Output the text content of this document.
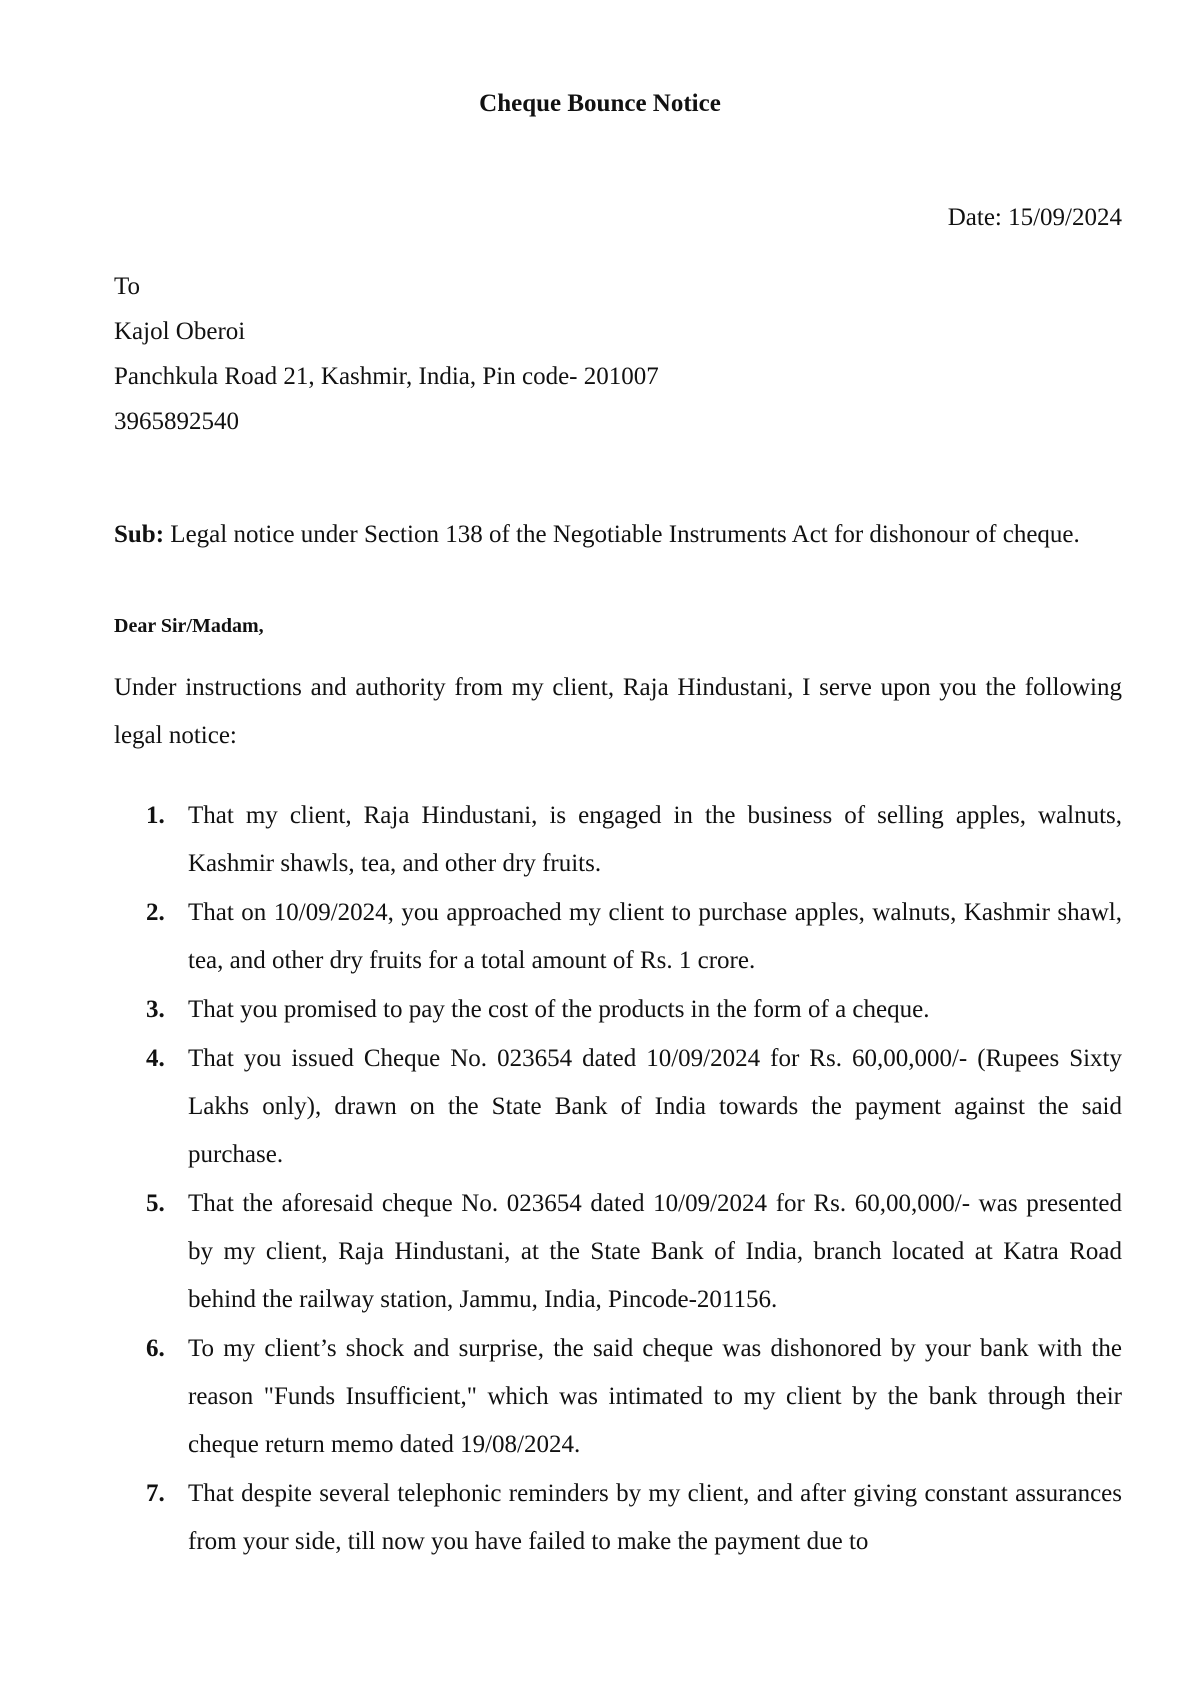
Cheque Bounce Notice
Date: 15/09/2024
To
Kajol Oberoi
Panchkula Road 21, Kashmir, India, Pin code- 201007
3965892540
Sub: Legal notice under Section 138 of the Negotiable Instruments Act for dishonour of cheque.
Dear Sir/Madam,
Under instructions and authority from my client, Raja Hindustani, I serve upon you the following legal notice:
1. That my client, Raja Hindustani, is engaged in the business of selling apples, walnuts, Kashmir shawls, tea, and other dry fruits.
2. That on 10/09/2024, you approached my client to purchase apples, walnuts, Kashmir shawl, tea, and other dry fruits for a total amount of Rs. 1 crore.
3. That you promised to pay the cost of the products in the form of a cheque.
4. That you issued Cheque No. 023654 dated 10/09/2024 for Rs. 60,00,000/- (Rupees Sixty Lakhs only), drawn on the State Bank of India towards the payment against the said purchase.
5. That the aforesaid cheque No. 023654 dated 10/09/2024 for Rs. 60,00,000/- was presented by my client, Raja Hindustani, at the State Bank of India, branch located at Katra Road behind the railway station, Jammu, India, Pincode-201156.
6. To my client’s shock and surprise, the said cheque was dishonored by your bank with the reason "Funds Insufficient," which was intimated to my client by the bank through their cheque return memo dated 19/08/2024.
7. That despite several telephonic reminders by my client, and after giving constant assurances from your side, till now you have failed to make the payment due to
